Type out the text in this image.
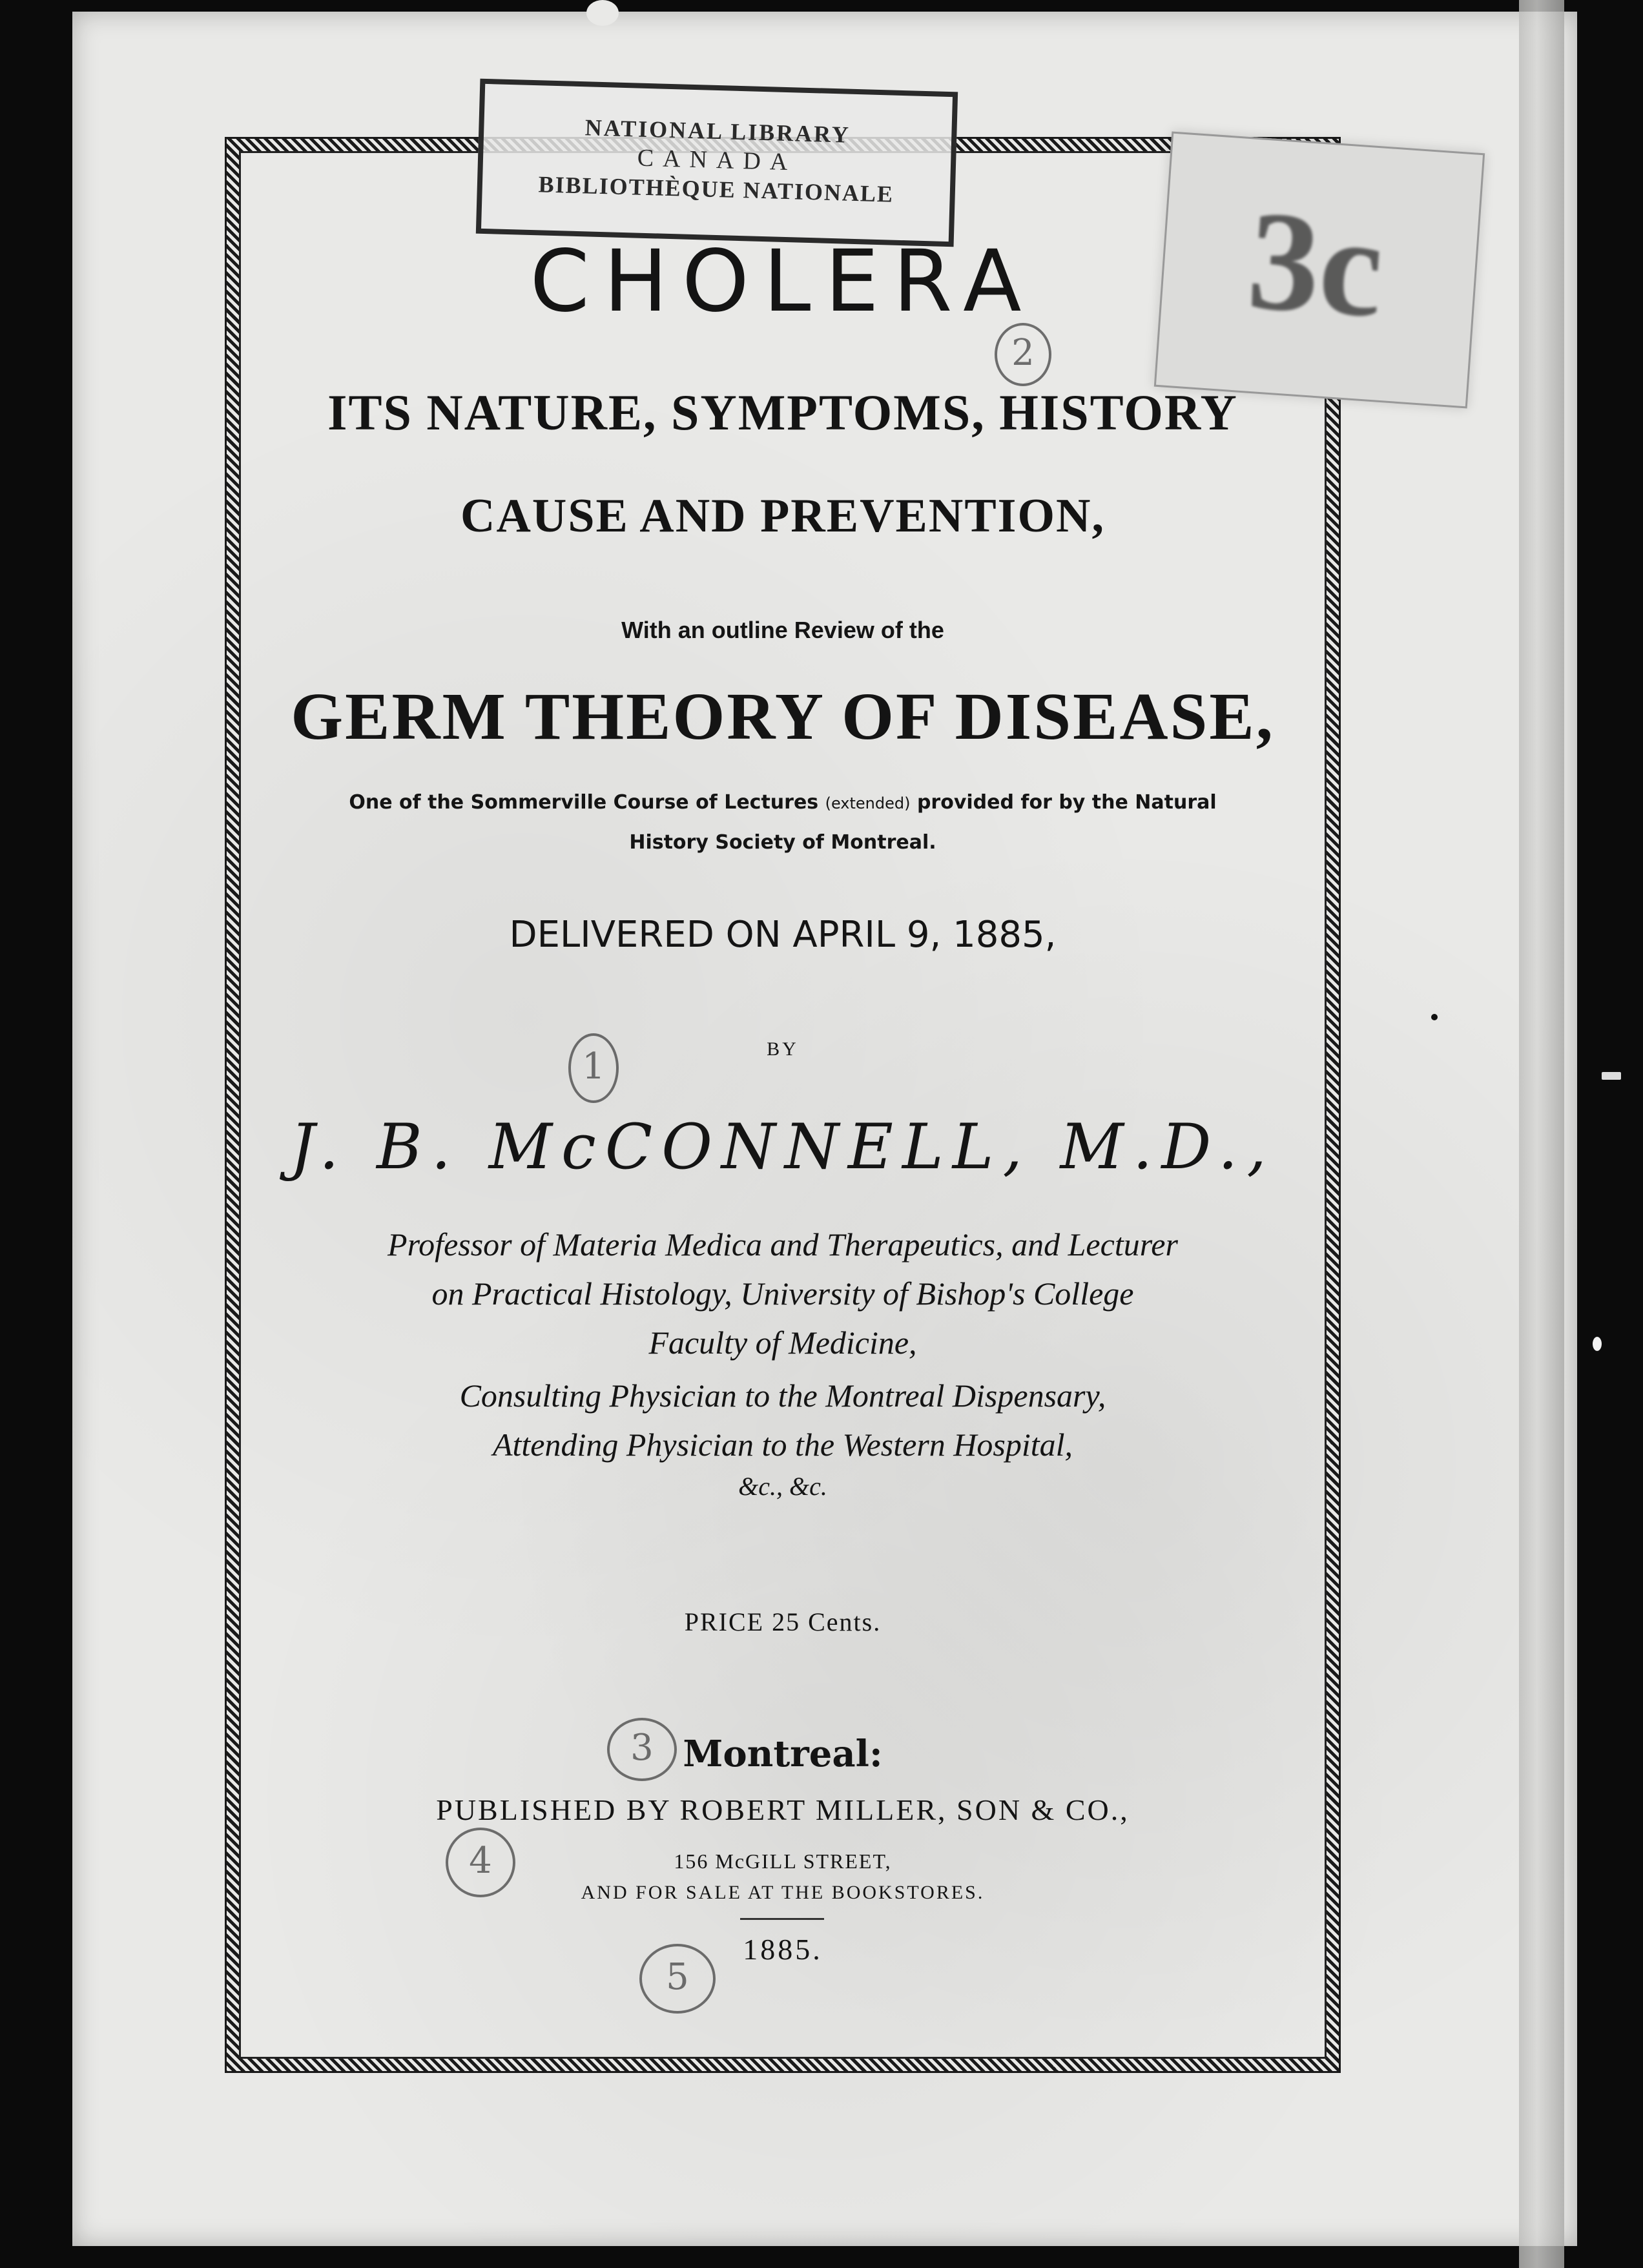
3c
NATIONAL LIBRARY
CANADA
BIBLIOTHÈQUE NATIONALE
2
1
3
4
5
CHOLERA
ITS NATURE, SYMPTOMS, HISTORY
CAUSE AND PREVENTION,
With an outline Review of the
GERM THEORY OF DISEASE,
One of the Sommerville Course of Lectures (extended) provided for by the Natural
History Society of Montreal.
DELIVERED ON APRIL 9, 1885,
BY
J. B. McCONNELL, M.D.,
Professor of Materia Medica and Therapeutics, and Lecturer
on Practical Histology, University of Bishop's College
Faculty of Medicine,
Consulting Physician to the Montreal Dispensary,
Attending Physician to the Western Hospital,
&c., &c.
PRICE 25 Cents.
Montreal:
PUBLISHED BY ROBERT MILLER, SON & CO.,
156 McGILL STREET,
AND FOR SALE AT THE BOOKSTORES.
1885.
